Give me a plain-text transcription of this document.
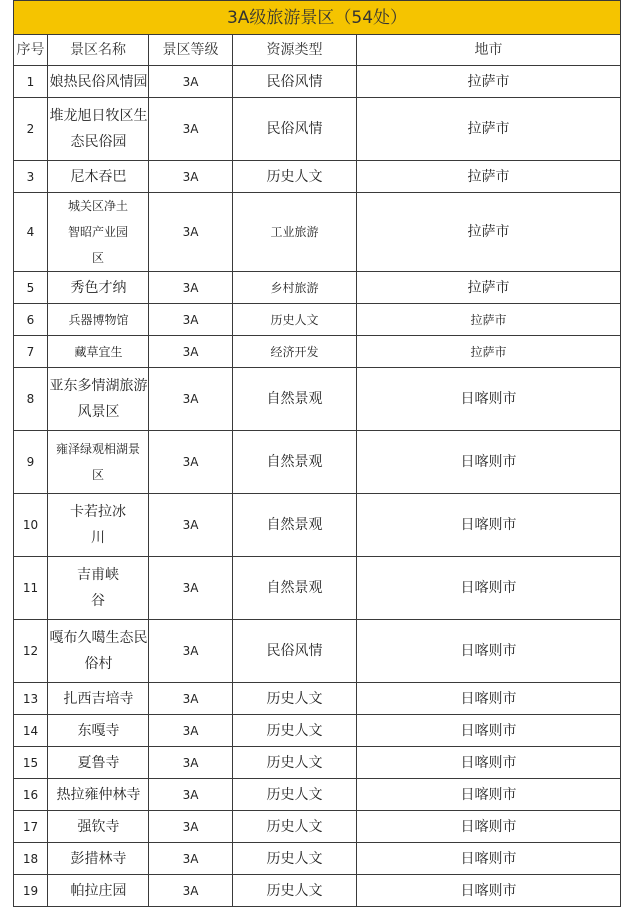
3A级旅游景区（54处）				
序号	景区名称	景区等级	资源类型	地市
1	娘热民俗风情园	3A	民俗风情	拉萨市
2	堆龙旭日牧区生态民俗园	3A	民俗风情	拉萨市
3	尼木吞巴	3A	历史人文	拉萨市
4	城关区净土智昭产业园区	3A	工业旅游	拉萨市
5	秀色才纳	3A	乡村旅游	拉萨市
6	兵器博物馆	3A	历史人文	拉萨市
7	藏草宜生	3A	经济开发	拉萨市
8	亚东多情湖旅游风景区	3A	自然景观	日喀则市
9	雍泽绿观相湖景区	3A	自然景观	日喀则市
10	卡若拉冰川	3A	自然景观	日喀则市
11	吉甫峡谷	3A	自然景观	日喀则市
12	嘎布久噶生态民俗村	3A	民俗风情	日喀则市
13	扎西吉培寺	3A	历史人文	日喀则市
14	东嘎寺	3A	历史人文	日喀则市
15	夏鲁寺	3A	历史人文	日喀则市
16	热拉雍仲林寺	3A	历史人文	日喀则市
17	强钦寺	3A	历史人文	日喀则市
18	彭措林寺	3A	历史人文	日喀则市
19	帕拉庄园	3A	历史人文	日喀则市
